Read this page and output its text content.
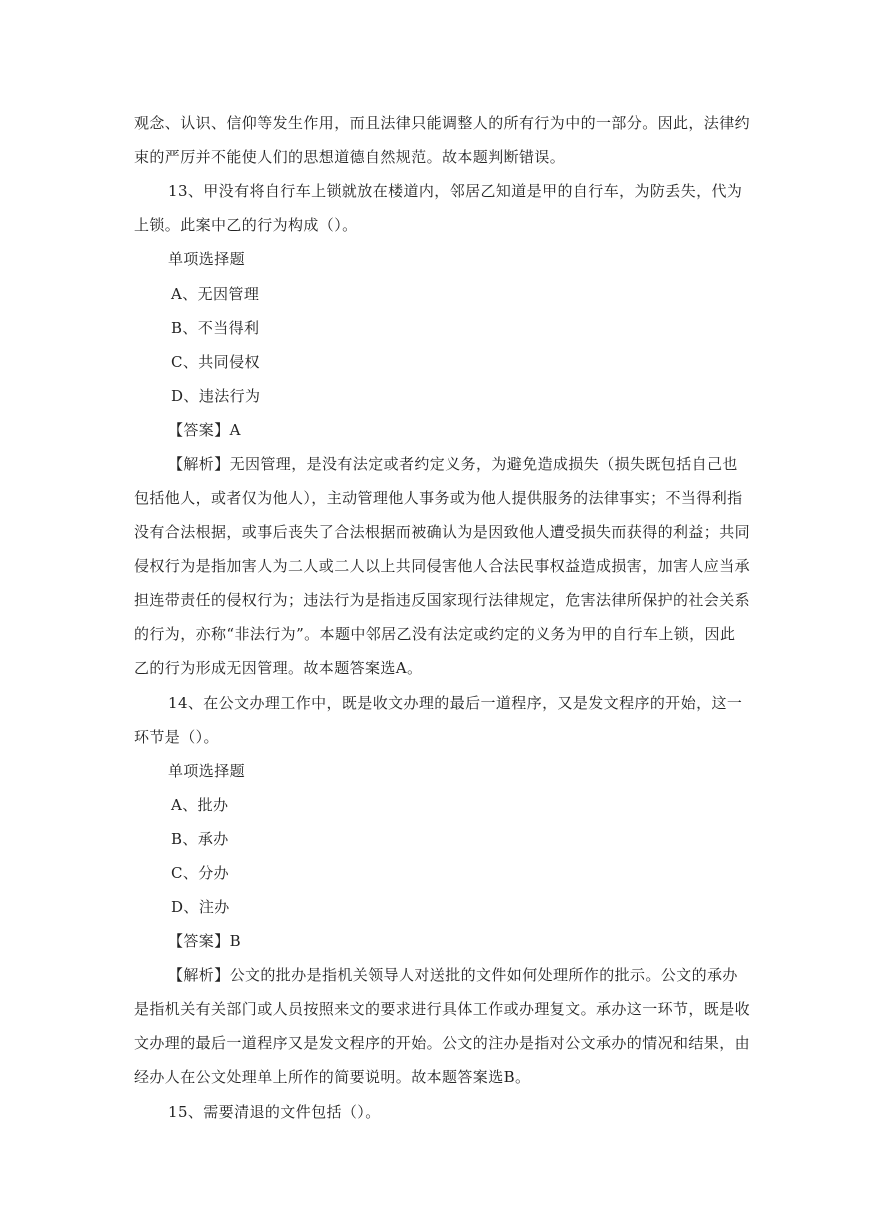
观念、认识、信仰等发生作用，而且法律只能调整人的所有行为中的一部分。因此，法律约
束的严厉并不能使人们的思想道德自然规范。故本题判断错误。
13、甲没有将自行车上锁就放在楼道内，邻居乙知道是甲的自行车，为防丢失，代为
上锁。此案中乙的行为构成（）。
单项选择题
A、无因管理
B、不当得利
C、共同侵权
D、违法行为
【答案】A
【解析】无因管理，是没有法定或者约定义务，为避免造成损失（损失既包括自己也
包括他人，或者仅为他人），主动管理他人事务或为他人提供服务的法律事实；不当得利指
没有合法根据，或事后丧失了合法根据而被确认为是因致他人遭受损失而获得的利益；共同
侵权行为是指加害人为二人或二人以上共同侵害他人合法民事权益造成损害，加害人应当承
担连带责任的侵权行为；违法行为是指违反国家现行法律规定，危害法律所保护的社会关系
的行为，亦称“非法行为”。本题中邻居乙没有法定或约定的义务为甲的自行车上锁，因此
乙的行为形成无因管理。故本题答案选A。
14、在公文办理工作中，既是收文办理的最后一道程序，又是发文程序的开始，这一
环节是（）。
单项选择题
A、批办
B、承办
C、分办
D、注办
【答案】B
【解析】公文的批办是指机关领导人对送批的文件如何处理所作的批示。公文的承办
是指机关有关部门或人员按照来文的要求进行具体工作或办理复文。承办这一环节，既是收
文办理的最后一道程序又是发文程序的开始。公文的注办是指对公文承办的情况和结果，由
经办人在公文处理单上所作的简要说明。故本题答案选B。
15、需要清退的文件包括（）。
